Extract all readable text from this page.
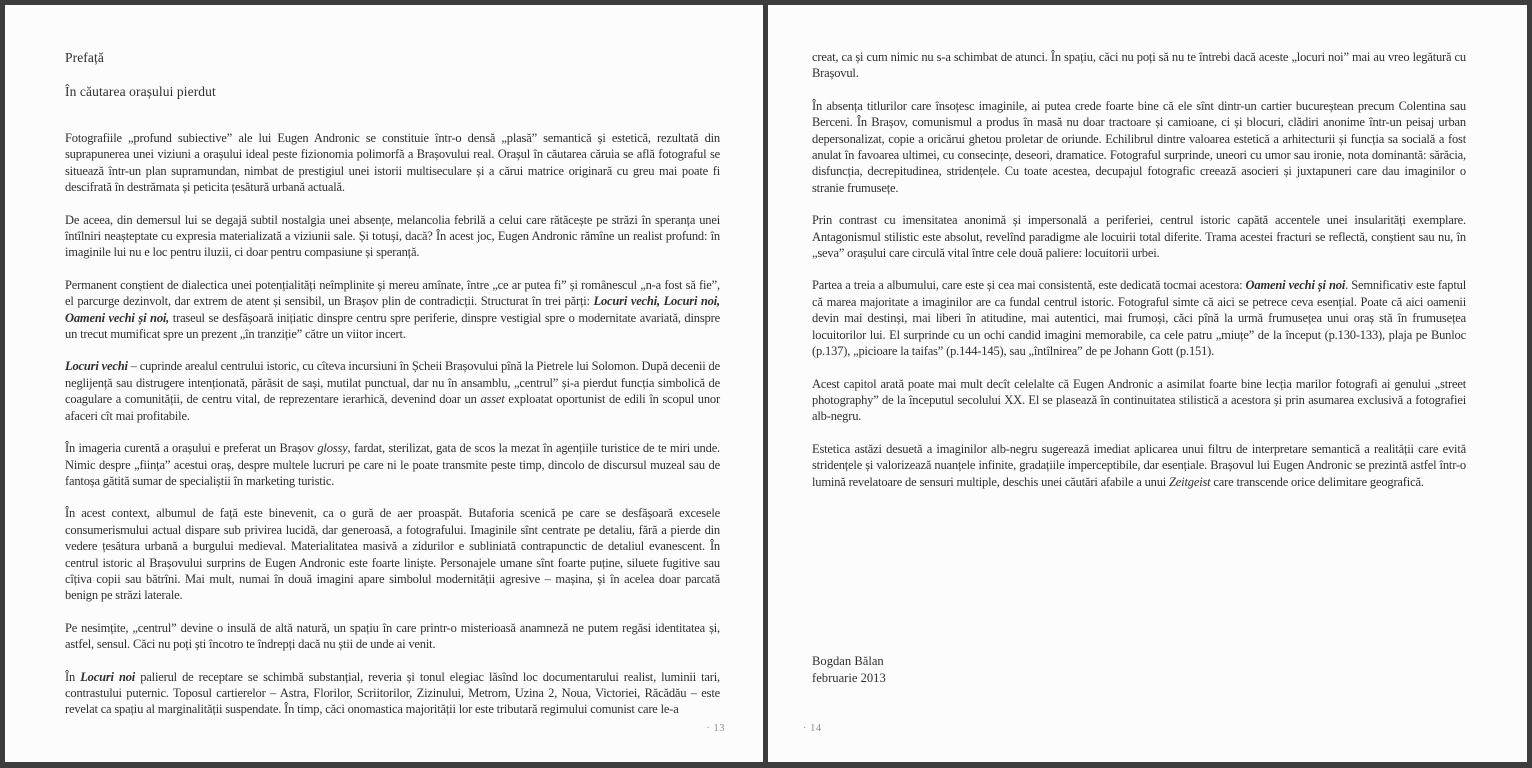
Prefață
În căutarea orașului pierdut

Fotografiile „profund subiective” ale lui Eugen Andronic se constituie într-o densă „plasă” semantică și estetică, rezultată din suprapunerea unei viziuni a orașului ideal peste fizionomia polimorfă a Brașovului real. Orașul în căutarea căruia se află fotograful se situează într-un plan supramundan, nimbat de prestigiul unei istorii multiseculare și a cărui matrice originară cu greu mai poate fi descifrată în destrămata și peticita țesătură urbană actuală.

De aceea, din demersul lui se degajă subtil nostalgia unei absențe, melancolia febrilă a celui care rătăcește pe străzi în speranța unei întîlniri neașteptate cu expresia materializată a viziunii sale. Și totuși, dacă? În acest joc, Eugen Andronic rămîne un realist profund: în imaginile lui nu e loc pentru iluzii, ci doar pentru compasiune și speranță.

Permanent conștient de dialectica unei potențialități neîmplinite și mereu amînate, între „ce ar putea fi” și românescul „n-a fost să fie”, el parcurge dezinvolt, dar extrem de atent și sensibil, un Brașov plin de contradicții. Structurat în trei părți: Locuri vechi, Locuri noi, Oameni vechi și noi, traseul se desfășoară inițiatic dinspre centru spre periferie, dinspre vestigial spre o modernitate avariată, dinspre un trecut mumificat spre un prezent „în tranziție” către un viitor incert.

Locuri vechi – cuprinde arealul centrului istoric, cu cîteva incursiuni în Șcheii Brașovului pînă la Pietrele lui Solomon. După decenii de neglijență sau distrugere intenționată, părăsit de sași, mutilat punctual, dar nu în ansamblu, „centrul” și-a pierdut funcția simbolică de coagulare a comunității, de centru vital, de reprezentare ierarhică, devenind doar un asset exploatat oportunist de edili în scopul unor afaceri cît mai profitabile.

În imageria curentă a orașului e preferat un Brașov glossy, fardat, sterilizat, gata de scos la mezat în agențiile turistice de te miri unde. Nimic despre „ființa” acestui oraș, despre multele lucruri pe care ni le poate transmite peste timp, dincolo de discursul muzeal sau de fantoșa gătită sumar de specialiștii în marketing turistic.

În acest context, albumul de față este binevenit, ca o gură de aer proaspăt. Butaforia scenică pe care se desfășoară excesele consumerismului actual dispare sub privirea lucidă, dar generoasă, a fotografului. Imaginile sînt centrate pe detaliu, fără a pierde din vedere țesătura urbană a burgului medieval. Materialitatea masivă a zidurilor e subliniată contrapunctic de detaliul evanescent. În centrul istoric al Brașovului surprins de Eugen Andronic este foarte liniște. Personajele umane sînt foarte puține, siluete fugitive sau cîțiva copii sau bătrîni. Mai mult, numai în două imagini apare simbolul modernității agresive – mașina, și în acelea doar parcată benign pe străzi laterale.

Pe nesimțite, „centrul” devine o insulă de altă natură, un spațiu în care printr-o misterioasă anamneză ne putem regăsi identitatea și, astfel, sensul. Căci nu poți ști încotro te îndrepți dacă nu știi de unde ai venit.

În Locuri noi palierul de receptare se schimbă substanțial, reveria și tonul elegiac lăsînd loc documentarului realist, luminii tari, contrastului puternic. Toposul cartierelor – Astra, Florilor, Scriitorilor, Zizinului, Metrom, Uzina 2, Noua, Victoriei, Răcădău – este revelat ca spațiu al marginalității suspendate. În timp, căci onomastica majorității lor este tributară regimului comunist care le-a

· 13

creat, ca și cum nimic nu s-a schimbat de atunci. În spațiu, căci nu poți să nu te întrebi dacă aceste „locuri noi” mai au vreo legătură cu Brașovul.

În absența titlurilor care însoțesc imaginile, ai putea crede foarte bine că ele sînt dintr-un cartier bucureștean precum Colentina sau Berceni. În Brașov, comunismul a produs în masă nu doar tractoare și camioane, ci și blocuri, clădiri anonime într-un peisaj urban depersonalizat, copie a oricărui ghetou proletar de oriunde. Echilibrul dintre valoarea estetică a arhitecturii și funcția sa socială a fost anulat în favoarea ultimei, cu consecințe, deseori, dramatice. Fotograful surprinde, uneori cu umor sau ironie, nota dominantă: sărăcia, disfuncția, decrepitudinea, stridențele. Cu toate acestea, decupajul fotografic creează asocieri și juxtapuneri care dau imaginilor o stranie frumusețe.

Prin contrast cu imensitatea anonimă și impersonală a periferiei, centrul istoric capătă accentele unei insularități exemplare. Antagonismul stilistic este absolut, revelînd paradigme ale locuirii total diferite. Trama acestei fracturi se reflectă, conștient sau nu, în „seva” orașului care circulă vital între cele două paliere: locuitorii urbei.

Partea a treia a albumului, care este și cea mai consistentă, este dedicată tocmai acestora: Oameni vechi și noi. Semnificativ este faptul că marea majoritate a imaginilor are ca fundal centrul istoric. Fotograful simte că aici se petrece ceva esențial. Poate că aici oamenii devin mai destinși, mai liberi în atitudine, mai autentici, mai frumoși, căci pînă la urmă frumusețea unui oraș stă în frumusețea locuitorilor lui. El surprinde cu un ochi candid imagini memorabile, ca cele patru „miuțe” de la început (p.130-133), plaja pe Bunloc (p.137), „picioare la taifas” (p.144-145), sau „întîlnirea” de pe Johann Gott (p.151).

Acest capitol arată poate mai mult decît celelalte că Eugen Andronic a asimilat foarte bine lecția marilor fotografi ai genului „street photography” de la începutul secolului XX. El se plasează în continuitatea stilistică a acestora și prin asumarea exclusivă a fotografiei alb-negru.

Estetica astăzi desuetă a imaginilor alb-negru sugerează imediat aplicarea unui filtru de interpretare semantică a realității care evită stridențele și valorizează nuanțele infinite, gradațiile imperceptibile, dar esențiale. Brașovul lui Eugen Andronic se prezintă astfel într-o lumină revelatoare de sensuri multiple, deschis unei căutări afabile a unui Zeitgeist care transcende orice delimitare geografică.

Bogdan Bălan
februarie 2013
· 14
